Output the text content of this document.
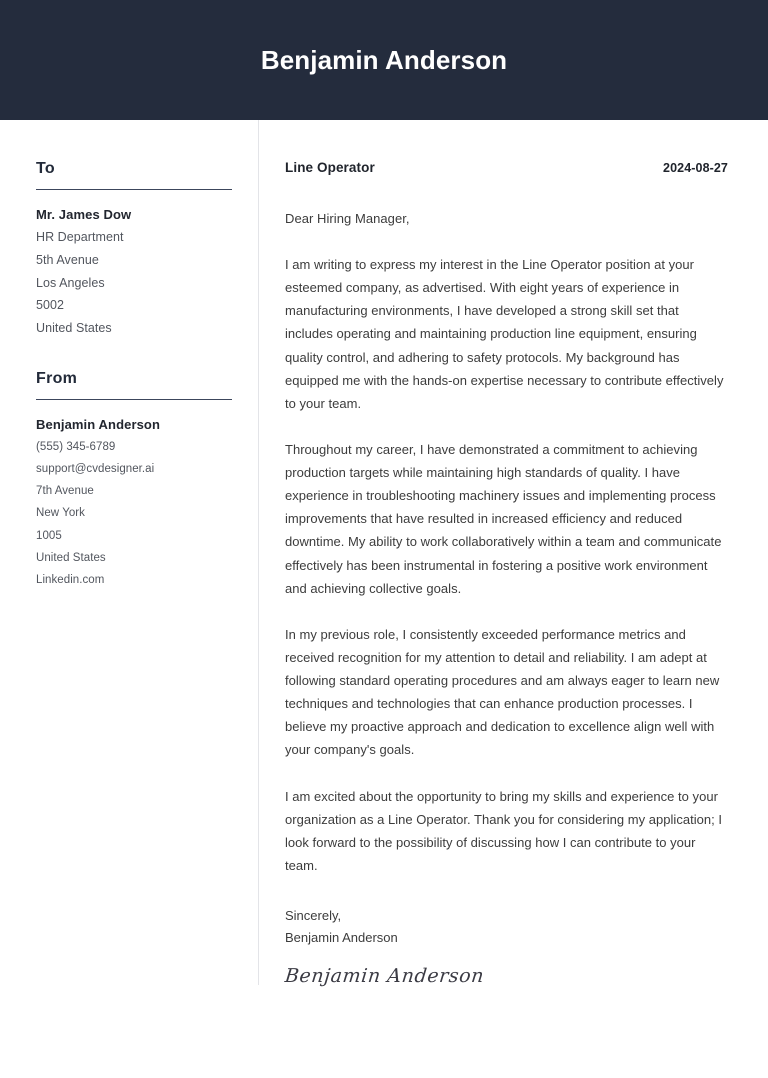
Benjamin Anderson
To
Mr. James Dow
HR Department
5th Avenue
Los Angeles
5002
United States
From
Benjamin Anderson
(555) 345-6789
support@cvdesigner.ai
7th Avenue
New York
1005
United States
Linkedin.com
Line Operator	2024-08-27
Dear Hiring Manager,

I am writing to express my interest in the Line Operator position at your esteemed company, as advertised. With eight years of experience in manufacturing environments, I have developed a strong skill set that includes operating and maintaining production line equipment, ensuring quality control, and adhering to safety protocols. My background has equipped me with the hands-on expertise necessary to contribute effectively to your team.

Throughout my career, I have demonstrated a commitment to achieving production targets while maintaining high standards of quality. I have experience in troubleshooting machinery issues and implementing process improvements that have resulted in increased efficiency and reduced downtime. My ability to work collaboratively within a team and communicate effectively has been instrumental in fostering a positive work environment and achieving collective goals.

In my previous role, I consistently exceeded performance metrics and received recognition for my attention to detail and reliability. I am adept at following standard operating procedures and am always eager to learn new techniques and technologies that can enhance production processes. I believe my proactive approach and dedication to excellence align well with your company's goals.

I am excited about the opportunity to bring my skills and experience to your organization as a Line Operator. Thank you for considering my application; I look forward to the possibility of discussing how I can contribute to your team.

Sincerely,
Benjamin Anderson
Benjamin Anderson
